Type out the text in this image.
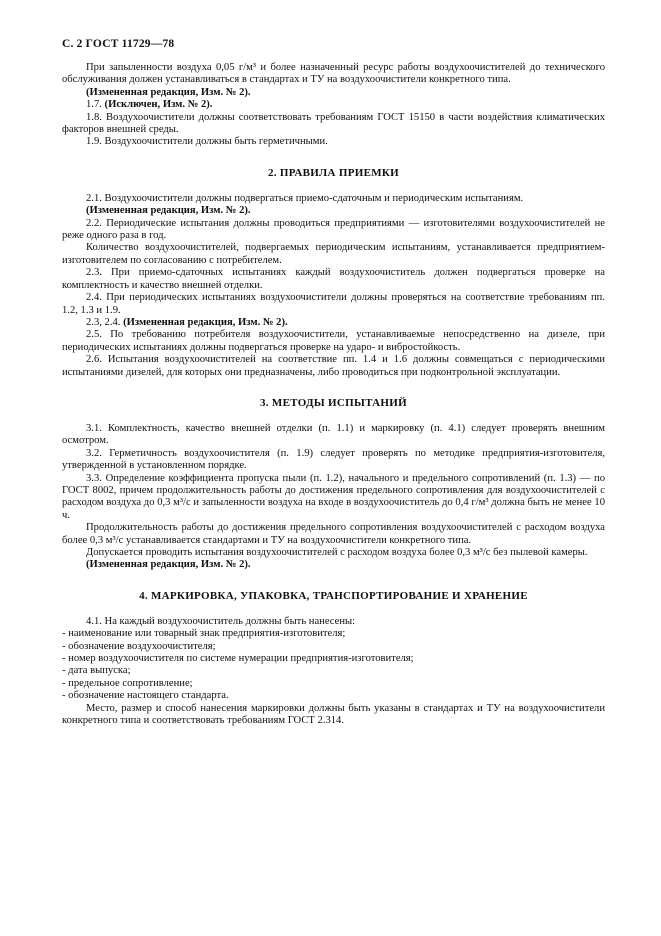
С. 2 ГОСТ 11729—78

При запыленности воздуха 0,05 г/м³ и более назначенный ресурс работы воздухоочистителей до технического обслуживания должен устанавливаться в стандартах и ТУ на воздухоочистители конкретного типа.

(Измененная редакция, Изм. № 2).

1.7. (Исключен, Изм. № 2).

1.8. Воздухоочистители должны соответствовать требованиям ГОСТ 15150 в части воздействия климатических факторов внешней среды.

1.9. Воздухоочистители должны быть герметичными.

2. ПРАВИЛА ПРИЕМКИ

2.1. Воздухоочистители должны подвергаться приемо-сдаточным и периодическим испытаниям.

(Измененная редакция, Изм. № 2).

2.2. Периодические испытания должны проводиться предприятиями — изготовителями воздухоочистителей не реже одного раза в год.

Количество воздухоочистителей, подвергаемых периодическим испытаниям, устанавливается предприятием-изготовителем по согласованию с потребителем.

2.3. При приемо-сдаточных испытаниях каждый воздухоочиститель должен подвергаться проверке на комплектность и качество внешней отделки.

2.4. При периодических испытаниях воздухоочистители должны проверяться на соответствие требованиям пп. 1.2, 1.3 и 1.9.

2.3, 2.4. (Измененная редакция, Изм. № 2).

2.5. По требованию потребителя воздухоочистители, устанавливаемые непосредственно на дизеле, при периодических испытаниях должны подвергаться проверке на ударо- и вибростойкость.

2.6. Испытания воздухоочистителей на соответствие пп. 1.4 и 1.6 должны совмещаться с периодическими испытаниями дизелей, для которых они предназначены, либо проводиться при подконтрольной эксплуатации.

3. МЕТОДЫ ИСПЫТАНИЙ

3.1. Комплектность, качество внешней отделки (п. 1.1) и маркировку (п. 4.1) следует проверять внешним осмотром.

3.2. Герметичность воздухоочистителя (п. 1.9) следует проверять по методике предприятия-изготовителя, утвержденной в установленном порядке.

3.3. Определение коэффициента пропуска пыли (п. 1.2), начального и предельного сопротивлений (п. 1.3) — по ГОСТ 8002, причем продолжительность работы до достижения предельного сопротивления для воздухоочистителей с расходом воздуха до 0,3 м³/с и запыленности воздуха на входе в воздухоочиститель до 0,4 г/м³ должна быть не менее 10 ч.

Продолжительность работы до достижения предельного сопротивления воздухоочистителей с расходом воздуха более 0,3 м³/с устанавливается стандартами и ТУ на воздухоочистители конкретного типа.

Допускается проводить испытания воздухоочистителей с расходом воздуха более 0,3 м³/с без пылевой камеры.

(Измененная редакция, Изм. № 2).

4. МАРКИРОВКА, УПАКОВКА, ТРАНСПОРТИРОВАНИЕ И ХРАНЕНИЕ

4.1. На каждый воздухоочиститель должны быть нанесены:

- наименование или товарный знак предприятия-изготовителя;

- обозначение воздухоочистителя;

- номер воздухоочистителя по системе нумерации предприятия-изготовителя;

- дата выпуска;

- предельное сопротивление;

- обозначение настоящего стандарта.

Место, размер и способ нанесения маркировки должны быть указаны в стандартах и ТУ на воздухоочистители конкретного типа и соответствовать требованиям ГОСТ 2.314.
